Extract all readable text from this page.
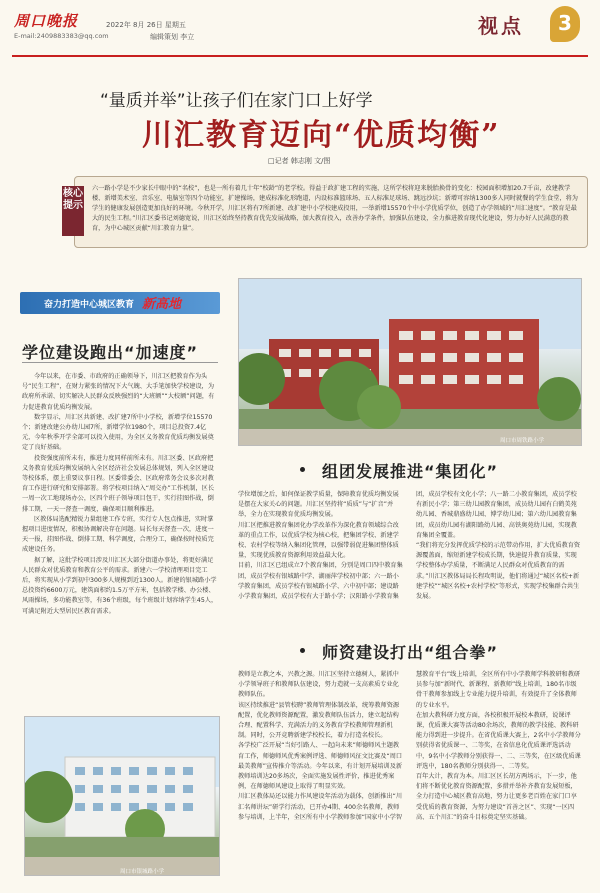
周口晚报
E-mail:2409883383@qq.com
2022年 8月 26日 星期五
编辑策划 李立	视点	3
“量质并举”让孩子们在家门口上好学
川汇教育迈向“优质均衡”
□记者 韩志刚 文/图
核心提示
六一路小学是不少家长中眼中的“名校”，也是一所有着几十年“校龄”的老学校。得益于政扩建工程的实施，这所学校将迎来脱胎换骨的变化：校园面积增加20.7千亩，改建教学楼、新增美术室、音乐室、电脑室等四个功能室，扩建操场，建成标准化形跑道，内设标准篮球场、五人标准足球场、跳远沙坑；新增可容纳1300多人同时就餐的学生食堂，将为学生的健康发展创造更加良好的环境。今秋开学，川汇区将有7所新建、改扩建中小学校建成投用，一举新增15570个中小学优质学位，创造了办学领域的“川汇速度”。“教育是最大的民生工程。”川汇区委书记刘德宽说，川汇区始终坚持教育优先发展战略，加大教育投入，改善办学条件，加强队伍建设，全力推进教育现代化建设，努力办好人民满意的教育，为中心城区贡献“川汇教育力量”。
奋力打造中心城区教育 新高地
学位建设跑出“加速度”

今年以来，在市委、市政府的正确领导下，川汇区把教育作为头号“民生工程”，在财力紧张的情况下大气魄、大手笔加快学校建设，为政府所承诺、切实解决人民群众反映强烈的“大班额”“大校额”问题，有力促进教育优质均衡发展。

数字显示，川汇区共新建、改扩建7所中小学校，新增学位15570个；新建改建公办幼儿园7所，新增学位1980个，项目总投资7.4亿元，今年秋季开学全部可以投入使用，为全区义务教育优质均衡发展奠定了良好基础。

投资强度前所未有，推进力度同样前所未有。川汇区委、区政府把义务教育优质均衡发展纳入全区经济社会发展总体规划，列入全区建设等校体系，摆上重要议事日程。区委常委会、区政府常务会议多次对教育工作进行研究和安排部署。将学校项目纳入“周交办”工作机制，区长一周一次工地现场办公，区四个班子领导项目包干，实行挂图作战，倒排工期，一天一督查一调度，确保项目顺利推进。

区教体局选配精锐力量组建工作专班，实行专人包点推进，实时掌握项目进度情况，积极协调解决存在问题。局长每天督查一次，进度一天一报，挂图作战、倒排工期、科学调度，合理分工，确保按时按质完成建设任务。

据了解，这批学校项目涉及川汇区大部分街道办事处，将更好满足人民群众对优质教育和教育公平的需求。新建六一学校清理项目完工后，将实现从小学到初中300多人规模到近1300人。新建的银城路小学总投资约6600万元，建筑面积约1.5万平方米，包括教学楼、办公楼、风雨操场，多功能教室等，有36个班级，每个班级计划容纳学生45人，可满足附近大型居民区教育需求。

周口市周铁路小学
组团发展推进“集团化”

学位增加之后，如何保证教学质量，保障教育优质均衡发展是摆在大家关心的问题。川汇区坚持将“质质”与“扩音”并举，全力在实现教育优质均衡发展。

川汇区把推进教育集团化办学改革作为深化教育领域综合改革的重点工作，以优质学校为核心校，把集团学校、新建学校、农村学校等纳入集团化管理，以强带弱促进集团整体质量，实现优质教育资源利用效益最大化。

目前，川汇区已组成立7个教育集团，分别是周口四中教育集团，成员学校有银城路中学、湖丽萍学校初中部；六一路小学教育集团，成员学校有银城路小学、六中初中部；建设路小学教育集团，成员学校有大于路小学；汉阳路小学教育集团，成员学校有文化小学；八一路二小教育集团，成员学校有新民小学；第三幼儿园教育集团，成员幼儿园有白鹤美苑幼儿园、香城鼎盛幼儿园、博学幼儿园；第六幼儿园教育集团，成员幼儿园有湖阳路幼儿园、高铁奥苑幼儿园，实现教育集团全覆盖。

“我们将充分发挥优质学校的示范带动作用，扩大优质教育资源覆盖面，缩短新建学校成长期，快速提升教育质量，实现学校整体办学质量，不断满足人民群众对优质教育的需求。”川汇区教体局局长程攻明说，他们将通过“城区名校+新建学校”“城区名校+农村学校”等形式，实现学校集群合共生发展。

师资建设打出“组合拳”

教师是立教之本，兴教之源。川汇区坚持立德树人，紧抓中小学领导班子和教师队伍建设，努力造就一支高素质专业化教师队伍。

该区持续推进“县管校聘”教师管理体制改革，统筹教师资源配置，优化教师资源配置，激发教师队伍活力，建立起结构合理、配置科学、充满活力的义务教育学校教师管理新机制。同时，公开竞聘新建学校校长，着力打造名校长。

各学校广泛开展“当好引路人、一起向未来”师德师风主题教育工作，师德师风优秀案例评选、师德师风征文比赛及“周口最美教师”宣传推介等活动。今年以来，有计划开展培训及新教师培训达20多场次，全面实施发展性评价，推进优秀案例，在师德师风建设上取得了明显实效。

川汇区教体局还以能力作风建设年活动为载体，创新推出“川汇名师讲坛”研学行活动，已开办4期、400余名教师，教师参与培训，上半年，全区所有中小学教师参加“国家中小学智慧教育平台”线上培训，全区所有中小学教师学科教研和教研员参与加“新时代、新课程、新教师”线上培训，180名市级骨干教师参加线上专业能力提升培训，有效提升了全体教师的专业水平。

在加大教科研力度方面，各校积极开展校本教研，说课评课，优质课大赛等活动80余场次，教师的教学技能、教科研能力得到进一步提升。在省优质课大赛上，2名中小学教师分别获得省优质课一、二等奖，在省信息化优质课评选活动中，9名中小学教师分别获得一、二、三等奖，在区级优质课评选中，180名教师分别获得一、二等奖。

百年大计，教育为本。川汇区区长胡方两场示，下一步，他们将不断优化教育资源配置，多措并举补齐教育发展短板，全力打造中心城区教育高地，努力让更多老百姓在家门口享受优质的教育资源，为努力建设“首善之区”、实现“一区四高、五个川汇”的奋斗目标奠定坚实基础。

周口市银城路小学
